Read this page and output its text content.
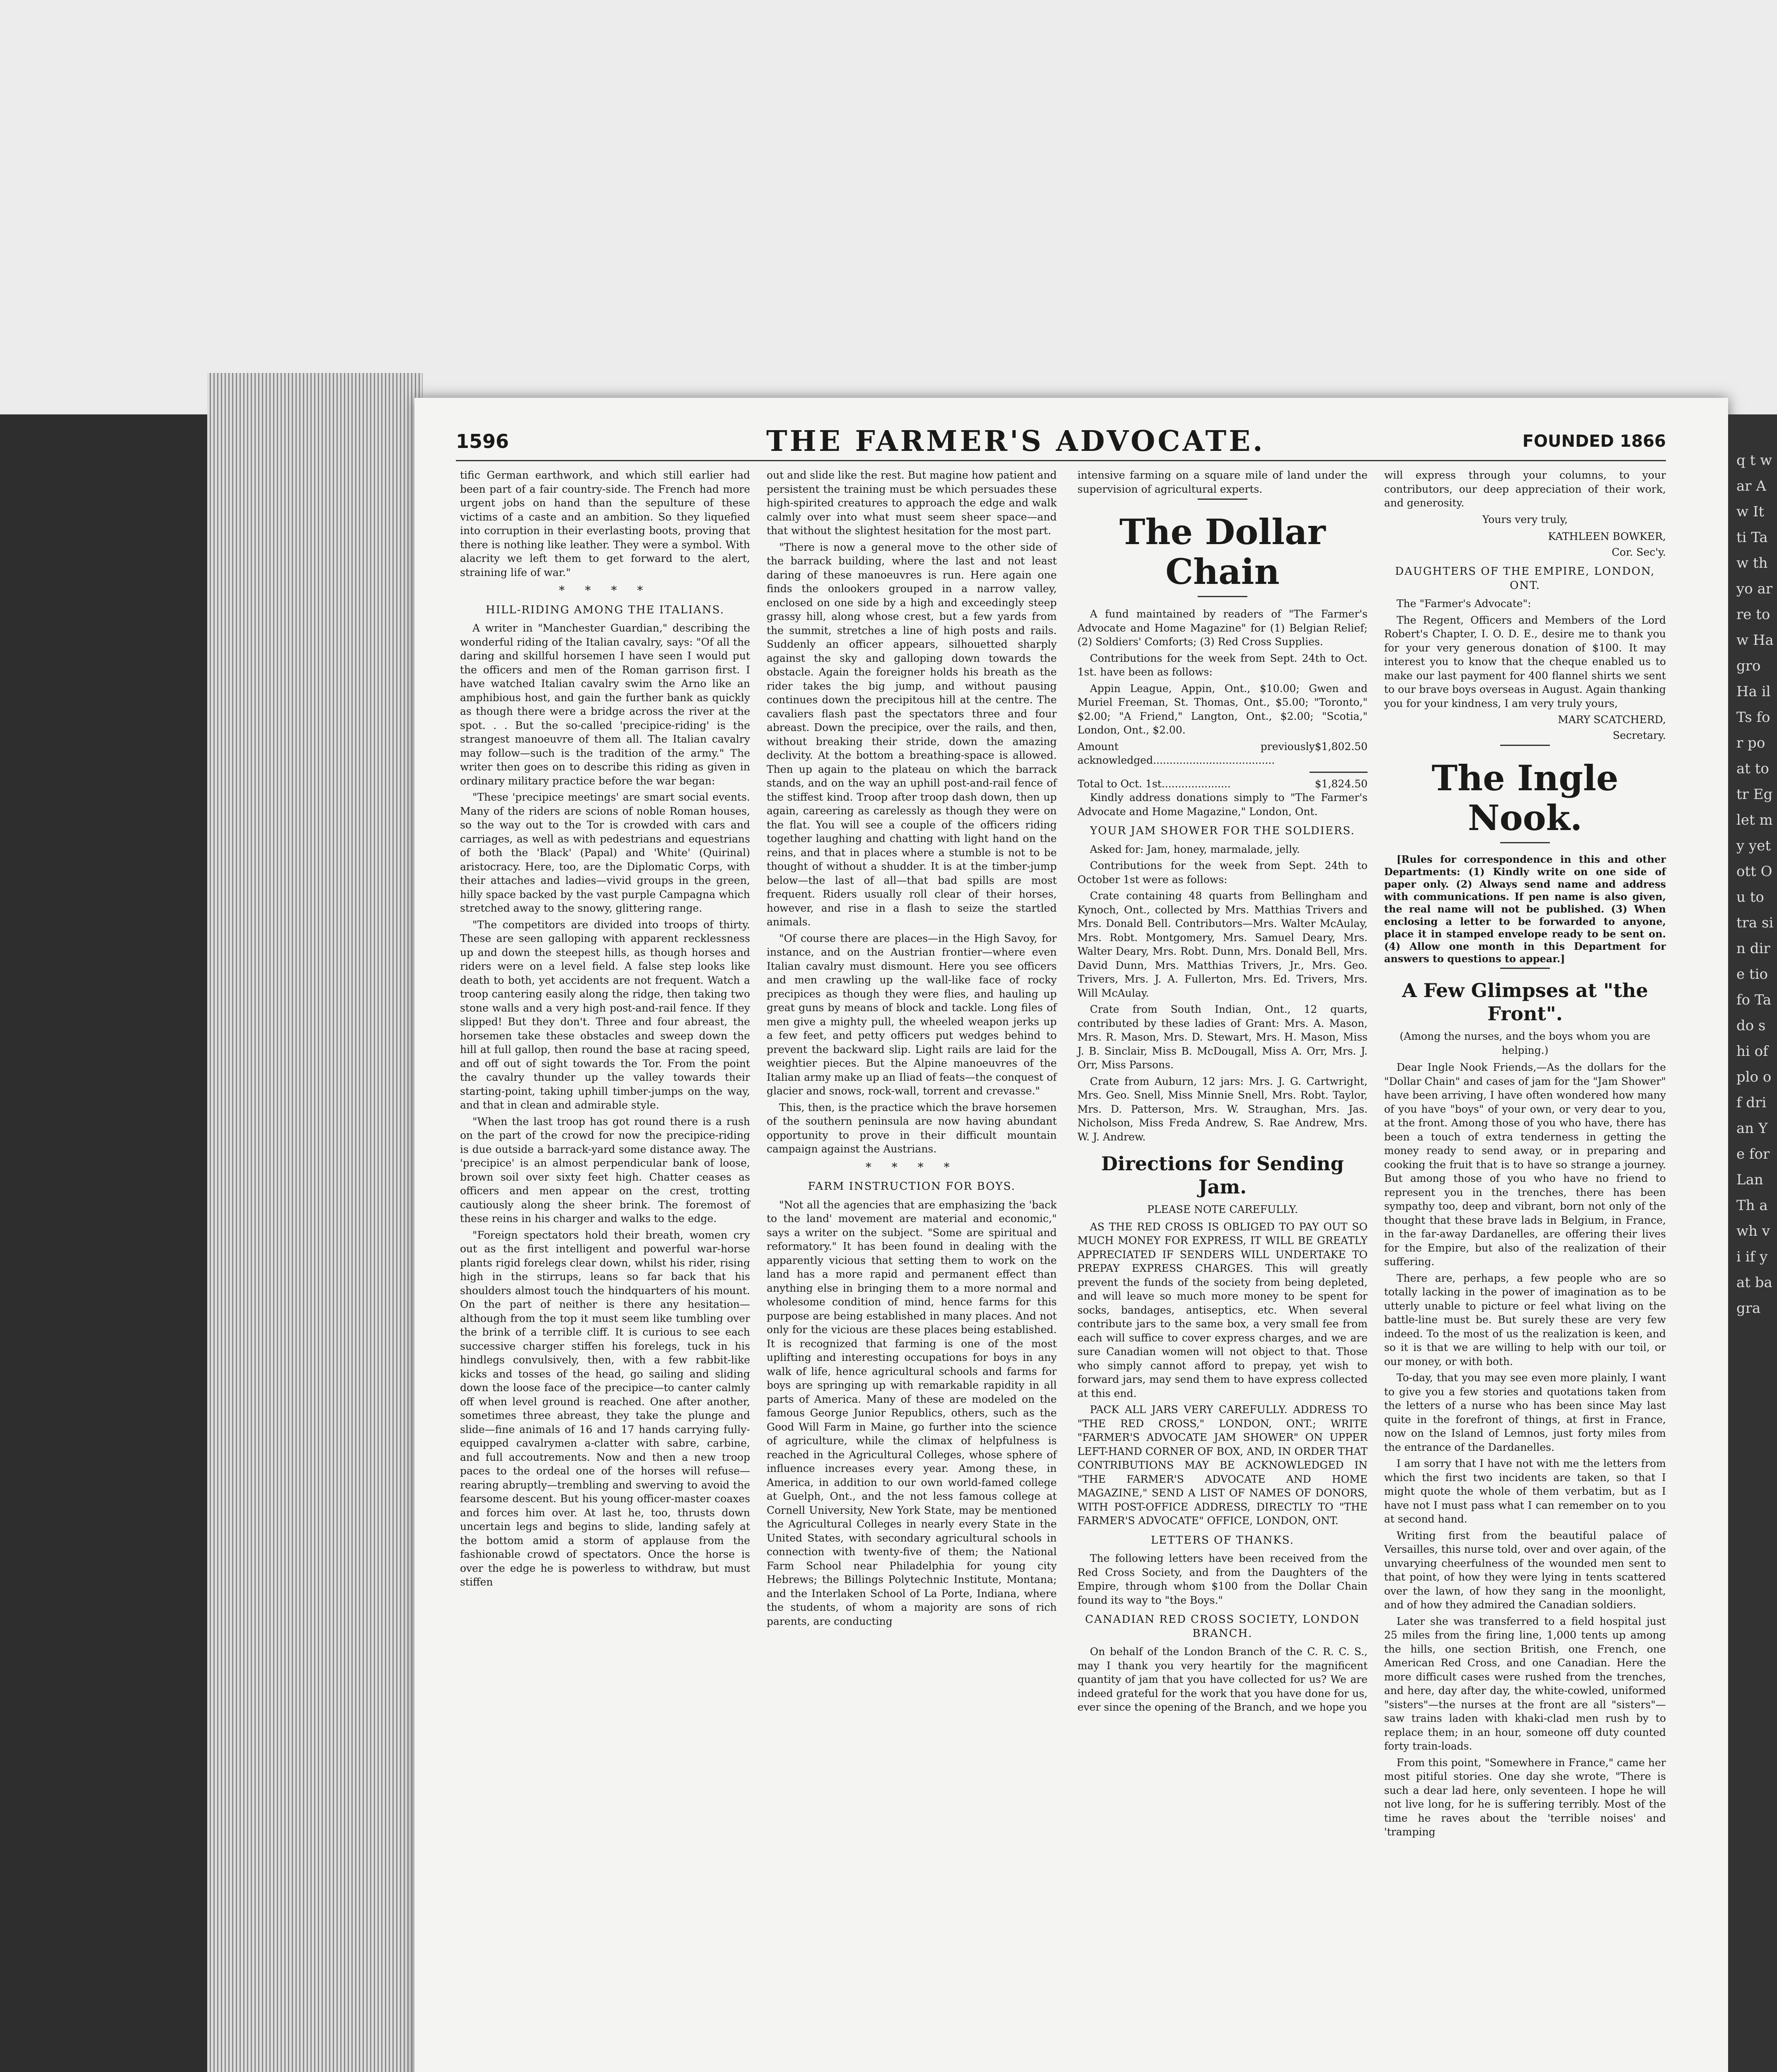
q t w ar A w It ti Ta w th yo ar re to w Ha gro Ha il Ts for po at to tr Eg let my yet ott Ou to tra sin dire tio fo Ta do shi of plo of dri an Ye for Lan Th a wh vi if y at ba gra
1596	THE FARMER'S ADVOCATE.	FOUNDED 1866

tific German earthwork, and which still earlier had been part of a fair country-side. The French had more urgent jobs on hand than the sepulture of these victims of a caste and an ambition. So they liquefied into corruption in their everlasting boots, proving that there is nothing like leather. They were a symbol. With alacrity we left them to get forward to the alert, straining life of war."

* * * *
HILL-RIDING AMONG THE ITALIANS.

A writer in "Manchester Guardian," describing the wonderful riding of the Italian cavalry, says: "Of all the daring and skillful horsemen I have seen I would put the officers and men of the Roman garrison first. I have watched Italian cavalry swim the Arno like an amphibious host, and gain the further bank as quickly as though there were a bridge across the river at the spot. . . But the so-called 'precipice-riding' is the strangest manoeuvre of them all. The Italian cavalry may follow—such is the tradition of the army." The writer then goes on to describe this riding as given in ordinary military practice before the war began:

"These 'precipice meetings' are smart social events. Many of the riders are scions of noble Roman houses, so the way out to the Tor is crowded with cars and carriages, as well as with pedestrians and equestrians of both the 'Black' (Papal) and 'White' (Quirinal) aristocracy. Here, too, are the Diplomatic Corps, with their attaches and ladies—vivid groups in the green, hilly space backed by the vast purple Campagna which stretched away to the snowy, glittering range.

"The competitors are divided into troops of thirty. These are seen galloping with apparent recklessness up and down the steepest hills, as though horses and riders were on a level field. A false step looks like death to both, yet accidents are not frequent. Watch a troop cantering easily along the ridge, then taking two stone walls and a very high post-and-rail fence. If they slipped! But they don't. Three and four abreast, the horsemen take these obstacles and sweep down the hill at full gallop, then round the base at racing speed, and off out of sight towards the Tor. From the point the cavalry thunder up the valley towards their starting-point, taking uphill timber-jumps on the way, and that in clean and admirable style.

"When the last troop has got round there is a rush on the part of the crowd for now the precipice-riding is due outside a barrack-yard some distance away. The 'precipice' is an almost perpendicular bank of loose, brown soil over sixty feet high. Chatter ceases as officers and men appear on the crest, trotting cautiously along the sheer brink. The foremost of these reins in his charger and walks to the edge.

"Foreign spectators hold their breath, women cry out as the first intelligent and powerful war-horse plants rigid forelegs clear down, whilst his rider, rising high in the stirrups, leans so far back that his shoulders almost touch the hindquarters of his mount. On the part of neither is there any hesitation—although from the top it must seem like tumbling over the brink of a terrible cliff. It is curious to see each successive charger stiffen his forelegs, tuck in his hindlegs convulsively, then, with a few rabbit-like kicks and tosses of the head, go sailing and sliding down the loose face of the precipice—to canter calmly off when level ground is reached. One after another, sometimes three abreast, they take the plunge and slide—fine animals of 16 and 17 hands carrying fully-equipped cavalrymen a-clatter with sabre, carbine, and full accoutrements. Now and then a new troop paces to the ordeal one of the horses will refuse—rearing abruptly—trembling and swerving to avoid the fearsome descent. But his young officer-master coaxes and forces him over. At last he, too, thrusts down uncertain legs and begins to slide, landing safely at the bottom amid a storm of applause from the fashionable crowd of spectators. Once the horse is over the edge he is powerless to withdraw, but must stiffen

out and slide like the rest. But magine how patient and persistent the training must be which persuades these high-spirited creatures to approach the edge and walk calmly over into what must seem sheer space—and that without the slightest hesitation for the most part.

"There is now a general move to the other side of the barrack building, where the last and not least daring of these manoeuvres is run. Here again one finds the onlookers grouped in a narrow valley, enclosed on one side by a high and exceedingly steep grassy hill, along whose crest, but a few yards from the summit, stretches a line of high posts and rails. Suddenly an officer appears, silhouetted sharply against the sky and galloping down towards the obstacle. Again the foreigner holds his breath as the rider takes the big jump, and without pausing continues down the precipitous hill at the centre. The cavaliers flash past the spectators three and four abreast. Down the precipice, over the rails, and then, without breaking their stride, down the amazing declivity. At the bottom a breathing-space is allowed. Then up again to the plateau on which the barrack stands, and on the way an uphill post-and-rail fence of the stiffest kind. Troop after troop dash down, then up again, careering as carelessly as though they were on the flat. You will see a couple of the officers riding together laughing and chatting with light hand on the reins, and that in places where a stumble is not to be thought of without a shudder. It is at the timber-jump below—the last of all—that bad spills are most frequent. Riders usually roll clear of their horses, however, and rise in a flash to seize the startled animals.

"Of course there are places—in the High Savoy, for instance, and on the Austrian frontier—where even Italian cavalry must dismount. Here you see officers and men crawling up the wall-like face of rocky precipices as though they were flies, and hauling up great guns by means of block and tackle. Long files of men give a mighty pull, the wheeled weapon jerks up a few feet, and petty officers put wedges behind to prevent the backward slip. Light rails are laid for the weightier pieces. But the Alpine manoeuvres of the Italian army make up an Iliad of feats—the conquest of glacier and snows, rock-wall, torrent and crevasse."

This, then, is the practice which the brave horsemen of the southern peninsula are now having abundant opportunity to prove in their difficult mountain campaign against the Austrians.

* * * *
FARM INSTRUCTION FOR BOYS.

"Not all the agencies that are emphasizing the 'back to the land' movement are material and economic," says a writer on the subject. "Some are spiritual and reformatory." It has been found in dealing with the apparently vicious that setting them to work on the land has a more rapid and permanent effect than anything else in bringing them to a more normal and wholesome condition of mind, hence farms for this purpose are being established in many places. And not only for the vicious are these places being established. It is recognized that farming is one of the most uplifting and interesting occupations for boys in any walk of life, hence agricultural schools and farms for boys are springing up with remarkable rapidity in all parts of America. Many of these are modeled on the famous George Junior Republics, others, such as the Good Will Farm in Maine, go further into the science of agriculture, while the climax of helpfulness is reached in the Agricultural Colleges, whose sphere of influence increases every year. Among these, in America, in addition to our own world-famed college at Guelph, Ont., and the not less famous college at Cornell University, New York State, may be mentioned the Agricultural Colleges in nearly every State in the United States, with secondary agricultural schools in connection with twenty-five of them; the National Farm School near Philadelphia for young city Hebrews; the Billings Polytechnic Institute, Montana; and the Interlaken School of La Porte, Indiana, where the students, of whom a majority are sons of rich parents, are conducting

intensive farming on a square mile of land under the supervision of agricultural experts.

The Dollar Chain

A fund maintained by readers of "The Farmer's Advocate and Home Magazine" for (1) Belgian Relief; (2) Soldiers' Comforts; (3) Red Cross Supplies.

Contributions for the week from Sept. 24th to Oct. 1st. have been as follows:

Appin League, Appin, Ont., $10.00; Gwen and Muriel Freeman, St. Thomas, Ont., $5.00; "Toronto," $2.00; "A Friend," Langton, Ont., $2.00; "Scotia," London, Ont., $2.00.

Amount previously acknowledged.....................................
$1,802.50
Total to Oct. 1st.....................	$1,824.50

Kindly address donations simply to "The Farmer's Advocate and Home Magazine," London, Ont.

YOUR JAM SHOWER FOR THE SOLDIERS.

Asked for: Jam, honey, marmalade, jelly.

Contributions for the week from Sept. 24th to October 1st were as follows:

Crate containing 48 quarts from Bellingham and Kynoch, Ont., collected by Mrs. Matthias Trivers and Mrs. Donald Bell. Contributors—Mrs. Walter McAulay, Mrs. Robt. Montgomery, Mrs. Samuel Deary, Mrs. Walter Deary, Mrs. Robt. Dunn, Mrs. Donald Bell, Mrs. David Dunn, Mrs. Matthias Trivers, Jr., Mrs. Geo. Trivers, Mrs. J. A. Fullerton, Mrs. Ed. Trivers, Mrs. Will McAulay.

Crate from South Indian, Ont., 12 quarts, contributed by these ladies of Grant: Mrs. A. Mason, Mrs. R. Mason, Mrs. D. Stewart, Mrs. H. Mason, Miss J. B. Sinclair, Miss B. McDougall, Miss A. Orr, Mrs. J. Orr, Miss Parsons.

Crate from Auburn, 12 jars: Mrs. J. G. Cartwright, Mrs. Geo. Snell, Miss Minnie Snell, Mrs. Robt. Taylor, Mrs. D. Patterson, Mrs. W. Straughan, Mrs. Jas. Nicholson, Miss Freda Andrew, S. Rae Andrew, Mrs. W. J. Andrew.

Directions for Sending Jam.
PLEASE NOTE CAREFULLY.

AS THE RED CROSS IS OBLIGED TO PAY OUT SO MUCH MONEY FOR EXPRESS, IT WILL BE GREATLY APPRECIATED IF SENDERS WILL UNDERTAKE TO PREPAY EXPRESS CHARGES. This will greatly prevent the funds of the society from being depleted, and will leave so much more money to be spent for socks, bandages, antiseptics, etc. When several contribute jars to the same box, a very small fee from each will suffice to cover express charges, and we are sure Canadian women will not object to that. Those who simply cannot afford to prepay, yet wish to forward jars, may send them to have express collected at this end.

PACK ALL JARS VERY CAREFULLY. ADDRESS TO "THE RED CROSS," LONDON, ONT.; WRITE "FARMER'S ADVOCATE JAM SHOWER" ON UPPER LEFT-HAND CORNER OF BOX, AND, IN ORDER THAT CONTRIBUTIONS MAY BE ACKNOWLEDGED IN "THE FARMER'S ADVOCATE AND HOME MAGAZINE," SEND A LIST OF NAMES OF DONORS, WITH POST-OFFICE ADDRESS, DIRECTLY TO "THE FARMER'S ADVOCATE" OFFICE, LONDON, ONT.

LETTERS OF THANKS.

The following letters have been received from the Red Cross Society, and from the Daughters of the Empire, through whom $100 from the Dollar Chain found its way to "the Boys."

CANADIAN RED CROSS SOCIETY, LONDON BRANCH.

On behalf of the London Branch of the C. R. C. S., may I thank you very heartily for the magnificent quantity of jam that you have collected for us? We are indeed grateful for the work that you have done for us, ever since the opening of the Branch, and we hope you

will express through your columns, to your contributors, our deep appreciation of their work, and generosity.

Yours very truly,
KATHLEEN BOWKER,
Cor. Sec'y.
DAUGHTERS OF THE EMPIRE, LONDON, ONT.

The "Farmer's Advocate":

The Regent, Officers and Members of the Lord Robert's Chapter, I. O. D. E., desire me to thank you for your very generous donation of $100. It may interest you to know that the cheque enabled us to make our last payment for 400 flannel shirts we sent to our brave boys overseas in August. Again thanking you for your kindness, I am very truly yours,

MARY SCATCHERD,
Secretary.
The Ingle Nook.

[Rules for correspondence in this and other Departments: (1) Kindly write on one side of paper only. (2) Always send name and address with communications. If pen name is also given, the real name will not be published. (3) When enclosing a letter to be forwarded to anyone, place it in stamped envelope ready to be sent on. (4) Allow one month in this Department for answers to questions to appear.]

A Few Glimpses at "the Front".
(Among the nurses, and the boys whom you are helping.)

Dear Ingle Nook Friends,—As the dollars for the "Dollar Chain" and cases of jam for the "Jam Shower" have been arriving, I have often wondered how many of you have "boys" of your own, or very dear to you, at the front. Among those of you who have, there has been a touch of extra tenderness in getting the money ready to send away, or in preparing and cooking the fruit that is to have so strange a journey. But among those of you who have no friend to represent you in the trenches, there has been sympathy too, deep and vibrant, born not only of the thought that these brave lads in Belgium, in France, in the far-away Dardanelles, are offering their lives for the Empire, but also of the realization of their suffering.

There are, perhaps, a few people who are so totally lacking in the power of imagination as to be utterly unable to picture or feel what living on the battle-line must be. But surely these are very few indeed. To the most of us the realization is keen, and so it is that we are willing to help with our toil, or our money, or with both.

To-day, that you may see even more plainly, I want to give you a few stories and quotations taken from the letters of a nurse who has been since May last quite in the forefront of things, at first in France, now on the Island of Lemnos, just forty miles from the entrance of the Dardanelles.

I am sorry that I have not with me the letters from which the first two incidents are taken, so that I might quote the whole of them verbatim, but as I have not I must pass what I can remember on to you at second hand.

Writing first from the beautiful palace of Versailles, this nurse told, over and over again, of the unvarying cheerfulness of the wounded men sent to that point, of how they were lying in tents scattered over the lawn, of how they sang in the moonlight, and of how they admired the Canadian soldiers.

Later she was transferred to a field hospital just 25 miles from the firing line, 1,000 tents up among the hills, one section British, one French, one American Red Cross, and one Canadian. Here the more difficult cases were rushed from the trenches, and here, day after day, the white-cowled, uniformed "sisters"—the nurses at the front are all "sisters"—saw trains laden with khaki-clad men rush by to replace them; in an hour, someone off duty counted forty train-loads.

From this point, "Somewhere in France," came her most pitiful stories. One day she wrote, "There is such a dear lad here, only seventeen. I hope he will not live long, for he is suffering terribly. Most of the time he raves about the 'terrible noises' and 'tramping
